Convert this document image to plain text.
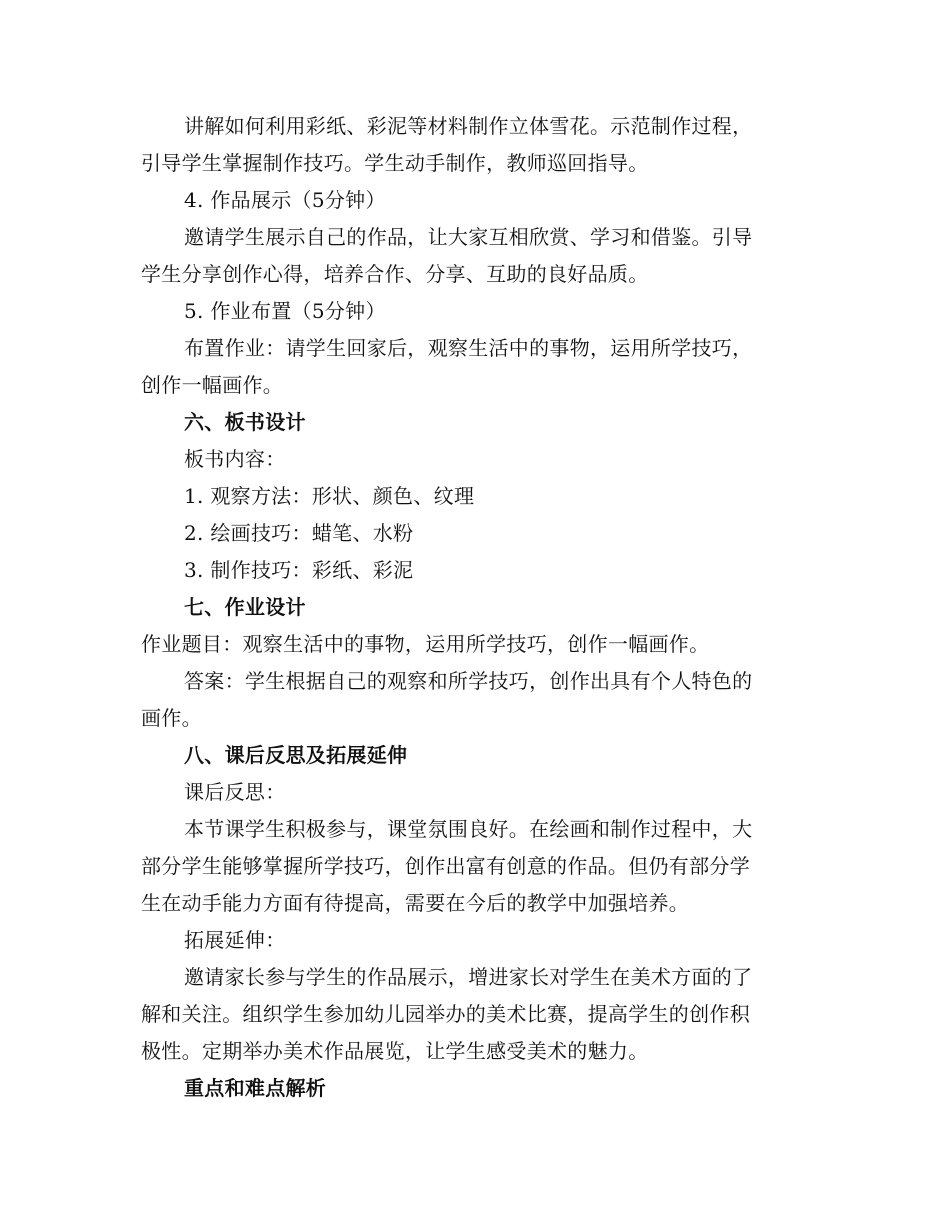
讲解如何利用彩纸、彩泥等材料制作立体雪花。示范制作过程，
引导学生掌握制作技巧。学生动手制作，教师巡回指导。
4. 作品展示（5分钟）
邀请学生展示自己的作品，让大家互相欣赏、学习和借鉴。引导
学生分享创作心得，培养合作、分享、互助的良好品质。
5. 作业布置（5分钟）
布置作业：请学生回家后，观察生活中的事物，运用所学技巧，
创作一幅画作。
六、板书设计
板书内容：
1. 观察方法：形状、颜色、纹理
2. 绘画技巧：蜡笔、水粉
3. 制作技巧：彩纸、彩泥
七、作业设计
作业题目：观察生活中的事物，运用所学技巧，创作一幅画作。
答案：学生根据自己的观察和所学技巧，创作出具有个人特色的
画作。
八、课后反思及拓展延伸
课后反思：
本节课学生积极参与，课堂氛围良好。在绘画和制作过程中，大
部分学生能够掌握所学技巧，创作出富有创意的作品。但仍有部分学
生在动手能力方面有待提高，需要在今后的教学中加强培养。
拓展延伸：
邀请家长参与学生的作品展示，增进家长对学生在美术方面的了
解和关注。组织学生参加幼儿园举办的美术比赛，提高学生的创作积
极性。定期举办美术作品展览，让学生感受美术的魅力。
重点和难点解析
